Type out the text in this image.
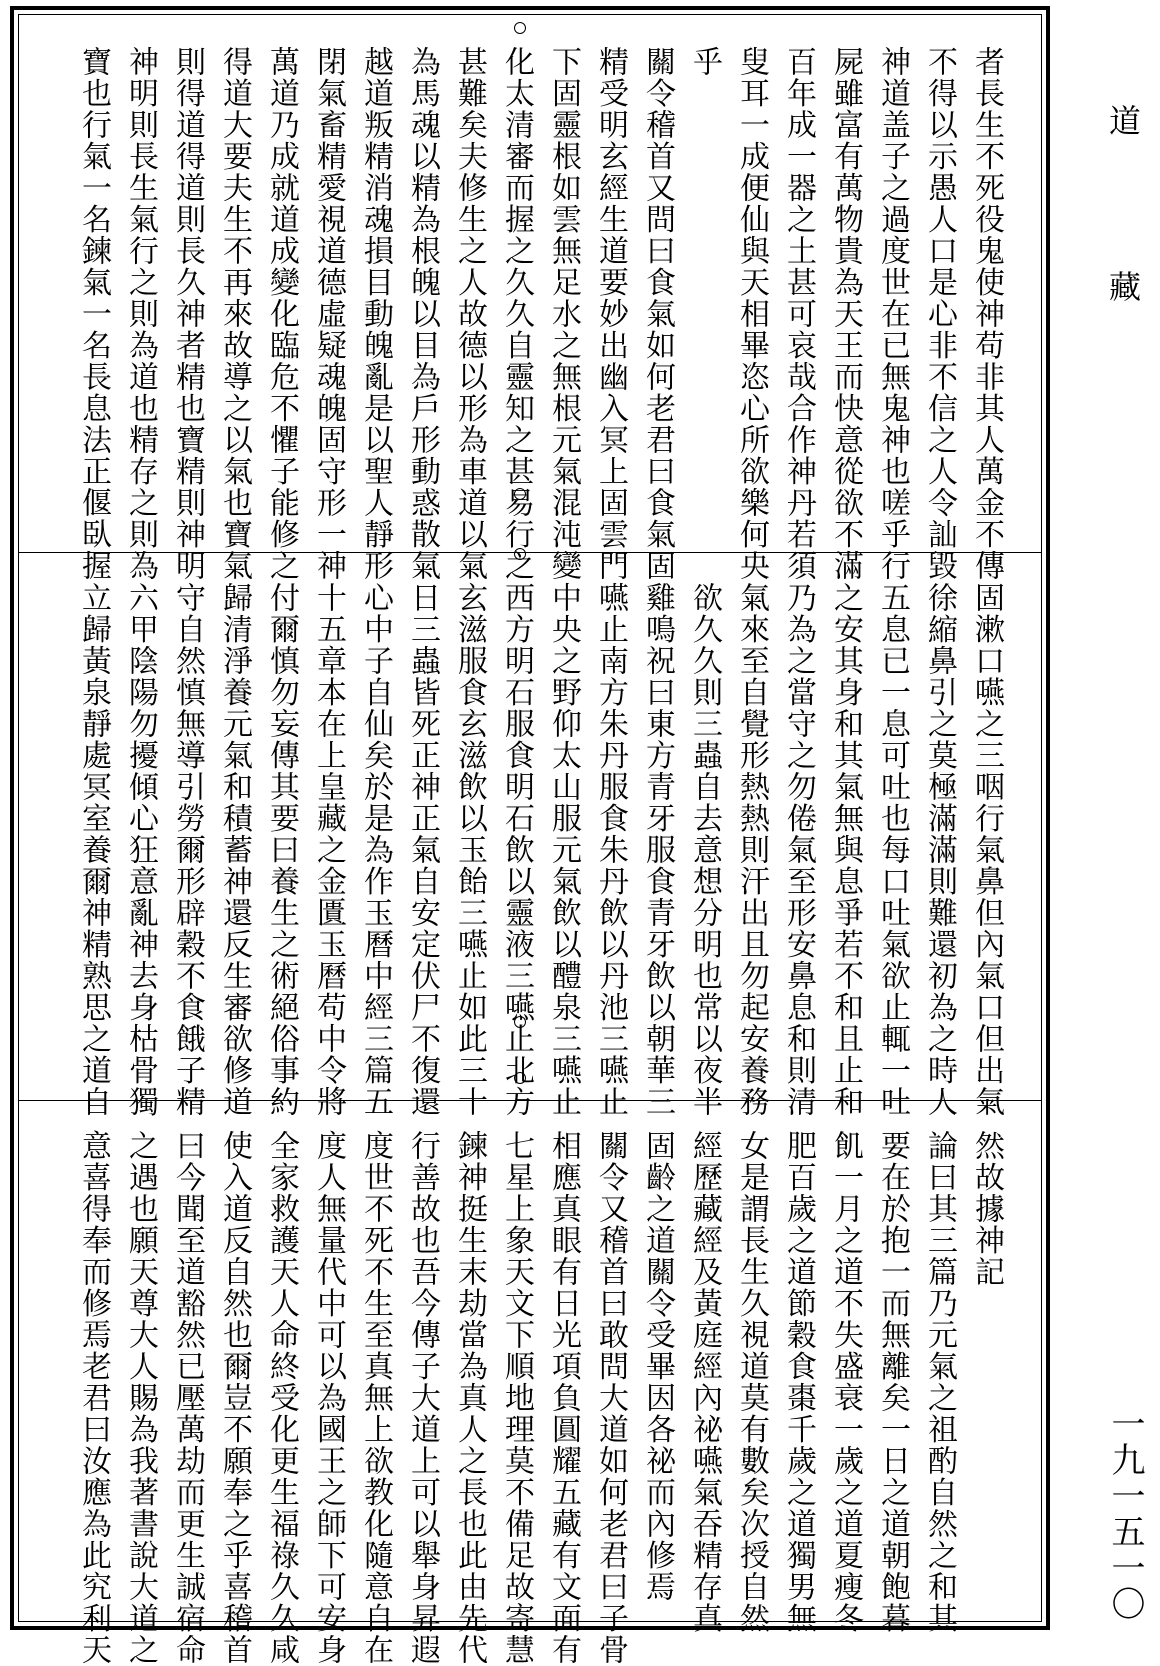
者長生不死役鬼使神苟非其人萬金不傳
不得以示愚人口是心非不信之人令訕毀
神道盖子之過度世在已無鬼神也嗟乎行
屍雖富有萬物貴為天王而快意從欲不滿
百年成一器之土甚可哀哉合作神丹若須
叟耳一成便仙與天相畢恣心所欲樂何央
乎
關令稽首又問曰食氣如何老君曰食氣固
精受明玄經生道要妙出幽入冥上固雲門
下固靈根如雲無足水之無根元氣混沌變
化太清審而握之久久自靈知之甚易行之
甚難矣夫修生之人故德以形為車道以氣
為馬魂以精為根魄以目為戶形動惑散氣
越道叛精消魂損目動魄亂是以聖人靜形
閉氣畜精愛視道德虛疑魂魄固守形一神
萬道乃成就道成變化臨危不懼子能修之
得道大要夫生不再來故導之以氣也寶氣
則得道得道則長久神者精也寶精則神明
神明則長生氣行之則為道也精存之則為
寶也行氣一名鍊氣一名長息法正偃臥握
固漱口嚥之三咽行氣鼻但內氣口但出氣
徐縮鼻引之莫極滿滿則難還初為之時人
五息已一息可吐也每口吐氣欲止輒一吐
之安其身和其氣無與息爭若不和且止和
乃為之當守之勿倦氣至形安鼻息和則清
氣來至自覺形熱熱則汗出且勿起安養務
欲久久則三蟲自去意想分明也常以夜半
雞鳴祝曰東方青牙服食青牙飲以朝華三
嚥止南方朱丹服食朱丹飲以丹池三嚥止
中央之野仰太山服元氣飲以醴泉三嚥止
西方明石服食明石飲以靈液三嚥止北方
玄滋服食玄滋飲以玉飴三嚥止如此三十
日三蟲皆死正神正氣自安定伏尸不復還
心中子自仙矣於是為作玉曆中經三篇五
十五章本在上皇藏之金匱玉曆苟中令將
付爾慎勿妄傳其要曰養生之術絕俗事約
歸清淨養元氣和積蓄神還反生審欲修道
守自然慎無導引勞爾形辟穀不食餓子精
六甲陰陽勿擾傾心狂意亂神去身枯骨獨
立歸黃泉靜處冥室養爾神精熟思之道自
然故據神記
論曰其三篇乃元氣之祖酌自然之和其
要在於抱一而無離矣一日之道朝飽暮
飢一月之道不失盛衰一歲之道夏瘦冬
肥百歲之道節穀食棗千歲之道獨男無
女是謂長生久視道莫有數矣次授自然
經歷藏經及黃庭經內祕嚥氣吞精存真
固齡之道關令受畢因各祕而內修焉
關令又稽首曰敢問大道如何老君曰子骨
相應真眼有日光項負圓耀五藏有文面有
七星上象天文下順地理莫不備足故寄慧
鍊神挺生末劫當為真人之長也此由先代
行善故也吾今傳子大道上可以舉身昇遐
度世不死不生至真無上欲教化隨意自在
度人無量代中可以為國王之師下可安身
全家救護天人命終受化更生福祿久久咸
使入道反自然也爾豈不願奉之乎喜稽首
曰今聞至道豁然已壓萬劫而更生誠宿命
之遇也願天尊大人賜為我著書說大道之
意喜得奉而修焉老君曰汝應為此究利天
道
藏
一九一五一〇
